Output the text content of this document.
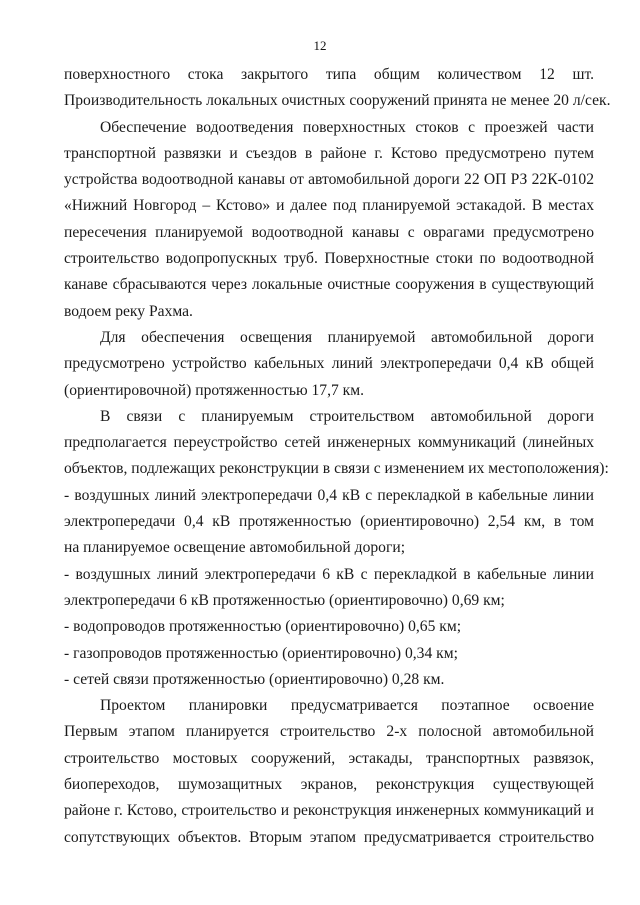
12
поверхностного стока закрытого типа общим количеством 12 шт.
Производительность локальных очистных сооружений принята не менее 20 л/сек.
Обеспечение водоотведения поверхностных стоков с проезжей части
транспортной развязки и съездов в районе г. Кстово предусмотрено путем
устройства водоотводной канавы от автомобильной дороги 22 ОП РЗ 22К-0102
«Нижний Новгород – Кстово» и далее под планируемой эстакадой. В местах
пересечения планируемой водоотводной канавы с оврагами предусмотрено
строительство водопропускных труб. Поверхностные стоки по водоотводной
канаве сбрасываются через локальные очистные сооружения в существующий
водоем реку Рахма.
Для обеспечения освещения планируемой автомобильной дороги
предусмотрено устройство кабельных линий электропередачи 0,4 кВ общей
(ориентировочной) протяженностью 17,7 км.
В связи с планируемым строительством автомобильной дороги
предполагается переустройство сетей инженерных коммуникаций (линейных
объектов, подлежащих реконструкции в связи с изменением их местоположения):
- воздушных линий электропередачи 0,4 кВ с перекладкой в кабельные линии
электропередачи 0,4 кВ протяженностью (ориентировочно) 2,54 км, в том
на планируемое освещение автомобильной дороги;
- воздушных линий электропередачи 6 кВ с перекладкой в кабельные линии
электропередачи 6 кВ протяженностью (ориентировочно) 0,69 км;
- водопроводов протяженностью (ориентировочно) 0,65 км;
- газопроводов протяженностью (ориентировочно) 0,34 км;
- сетей связи протяженностью (ориентировочно) 0,28 км.
Проектом планировки предусматривается поэтапное освоение
Первым этапом планируется строительство 2-х полосной автомобильной
строительство мостовых сооружений, эстакады, транспортных развязок,
биопереходов, шумозащитных экранов, реконструкция существующей
районе г. Кстово, строительство и реконструкция инженерных коммуникаций и
сопутствующих объектов. Вторым этапом предусматривается строительство
